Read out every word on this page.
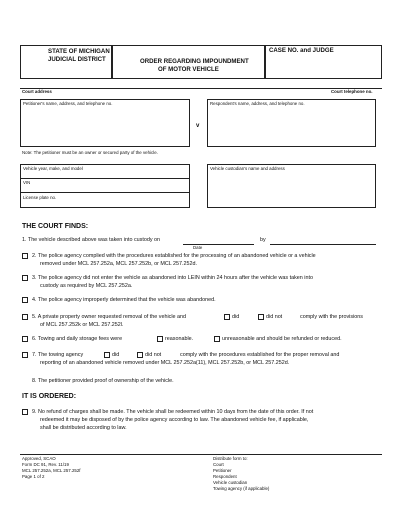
STATE OF MICHIGAN
JUDICIAL DISTRICT	ORDER REGARDING IMPOUNDMENT
OF MOTOR VEHICLE
CASE NO. and JUDGE
Court address	Court telephone no.
Petitioner's name, address, and telephone no.
v
Respondent's name, address, and telephone no.
Note: The petitioner must be an owner or secured party of the vehicle.
Vehicle year, make, and model
VIN
License plate no.
Vehicle custodian's name and address
THE COURT FINDS:
1. The vehicle described above was taken into custody on
Date
by
2. The police agency complied with the procedures established for the processing of an abandoned vehicle or a vehicle
removed under MCL 257.252a, MCL 257.252b, or MCL 257.252d.
3. The police agency did not enter the vehicle as abandoned into LEIN within 24 hours after the vehicle was taken into
custody as required by MCL 257.252a.
4. The police agency improperly determined that the vehicle was abandoned.
5. A private property owner requested removal of the vehicle and	did	did not	comply with the provisions
of MCL 257.252k or MCL 257.252l.
6. Towing and daily storage fees were	reasonable.	unreasonable and should be refunded or reduced.
7. The towing agency	did	did not	comply with the procedures established for the proper removal and
reporting of an abandoned vehicle removed under MCL 257.252a(11), MCL 257.252b, or MCL 257.252d.
8. The petitioner provided proof of ownership of the vehicle.
IT IS ORDERED:
9. No refund of charges shall be made. The vehicle shall be redeemed within 10 days from the date of this order. If not
redeemed it may be disposed of by the police agency according to law. The abandoned vehicle fee, if applicable,
shall be distributed according to law.
Approved, SCAO
Form DC 91, Rev. 11/19
MCL 257.252a, MCL 257.252f
Page 1 of 2
Distribute form to:
Court
Petitioner
Respondent
Vehicle custodian
Towing agency (if applicable)
